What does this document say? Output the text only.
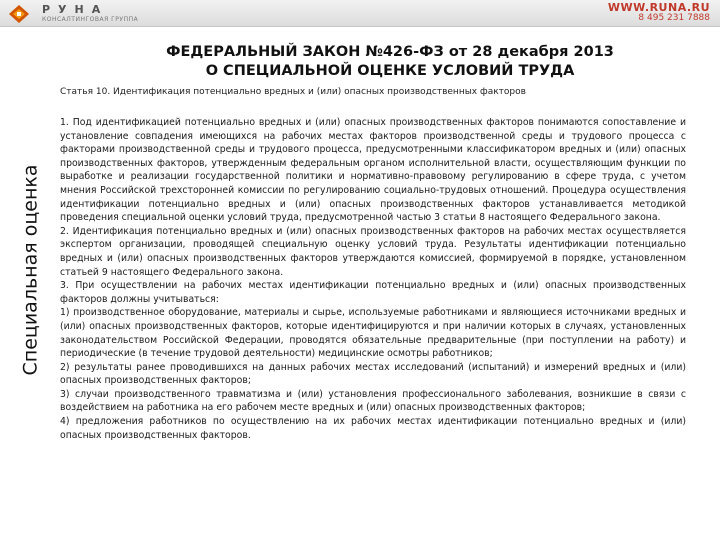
РУНА
КОНСАЛТИНГОВАЯ ГРУППА
WWW.RUNA.RU
8 495 231 7888
Специальная оценка
ФЕДЕРАЛЬНЫЙ ЗАКОН №426-ФЗ от 28 декабря 2013
О СПЕЦИАЛЬНОЙ ОЦЕНКЕ УСЛОВИЙ ТРУДА
Статья 10. Идентификация потенциально вредных и (или) опасных производственных факторов

1. Под идентификацией потенциально вредных и (или) опасных производственных факторов понимаются сопоставление и установление совпадения имеющихся на рабочих местах факторов производственной среды и трудового процесса с факторами производственной среды и трудового процесса, предусмотренными классификатором вредных и (или) опасных производственных факторов, утвержденным федеральным органом исполнительной власти, осуществляющим функции по выработке и реализации государственной политики и нормативно-правовому регулированию в сфере труда, с учетом мнения Российской трехсторонней комиссии по регулированию социально-трудовых отношений. Процедура осуществления идентификации потенциально вредных и (или) опасных производственных факторов устанавливается методикой проведения специальной оценки условий труда, предусмотренной частью 3 статьи 8 настоящего Федерального закона.

2. Идентификация потенциально вредных и (или) опасных производственных факторов на рабочих местах осуществляется экспертом организации, проводящей специальную оценку условий труда. Результаты идентификации потенциально вредных и (или) опасных производственных факторов утверждаются комиссией, формируемой в порядке, установленном статьей 9 настоящего Федерального закона.

3. При осуществлении на рабочих местах идентификации потенциально вредных и (или) опасных производственных факторов должны учитываться:

1) производственное оборудование, материалы и сырье, используемые работниками и являющиеся источниками вредных и (или) опасных производственных факторов, которые идентифицируются и при наличии которых в случаях, установленных законодательством Российской Федерации, проводятся обязательные предварительные (при поступлении на работу) и периодические (в течение трудовой деятельности) медицинские осмотры работников;

2) результаты ранее проводившихся на данных рабочих местах исследований (испытаний) и измерений вредных и (или) опасных производственных факторов;

3) случаи производственного травматизма и (или) установления профессионального заболевания, возникшие в связи с воздействием на работника на его рабочем месте вредных и (или) опасных производственных факторов;

4) предложения работников по осуществлению на их рабочих местах идентификации потенциально вредных и (или) опасных производственных факторов.
